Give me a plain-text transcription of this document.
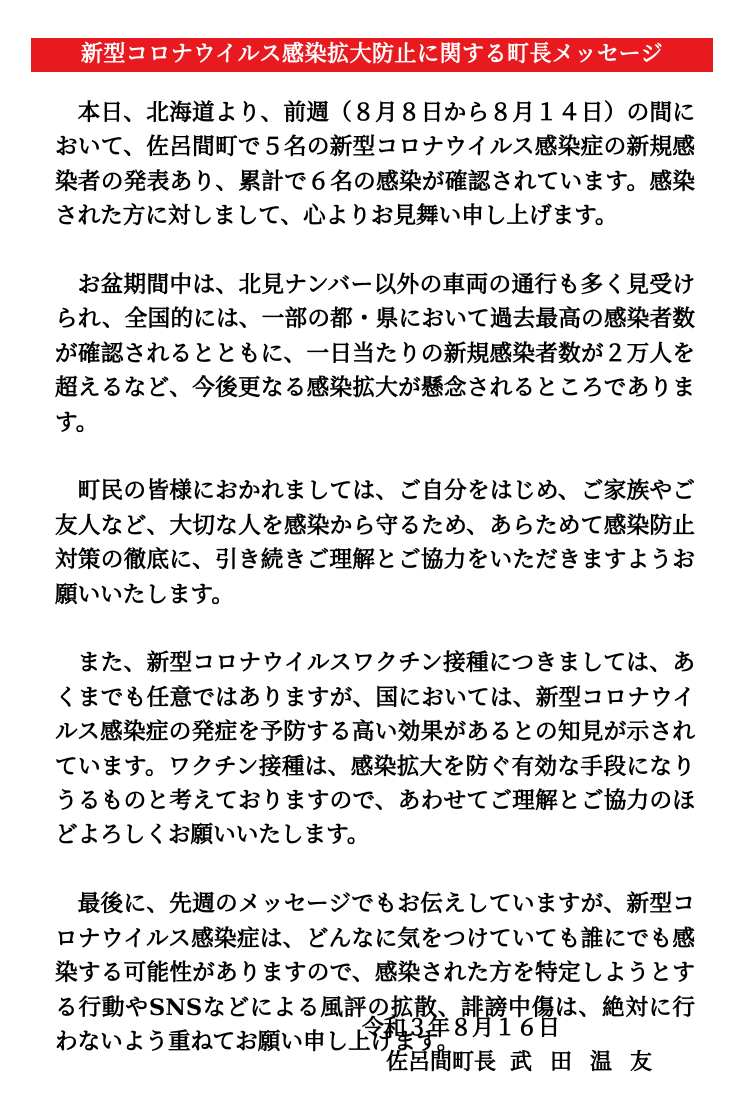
新型コロナウイルス感染拡大防止に関する町長メッセージ

本日、北海道より、前週（８月８日から８月１４日）の間において、佐呂間町で５名の新型コロナウイルス感染症の新規感染者の発表あり、累計で６名の感染が確認されています。感染された方に対しまして、心よりお見舞い申し上げます。

お盆期間中は、北見ナンバー以外の車両の通行も多く見受けられ、全国的には、一部の都・県において過去最高の感染者数が確認されるとともに、一日当たりの新規感染者数が２万人を超えるなど、今後更なる感染拡大が懸念されるところであります。

町民の皆様におかれましては、ご自分をはじめ、ご家族やご友人など、大切な人を感染から守るため、あらためて感染防止対策の徹底に、引き続きご理解とご協力をいただきますようお願いいたします。

また、新型コロナウイルスワクチン接種につきましては、あくまでも任意ではありますが、国においては、新型コロナウイルス感染症の発症を予防する高い効果があるとの知見が示されています。ワクチン接種は、感染拡大を防ぐ有効な手段になりうるものと考えておりますので、あわせてご理解とご協力のほどよろしくお願いいたします。

最後に、先週のメッセージでもお伝えしていますが、新型コロナウイルス感染症は、どんなに気をつけていても誰にでも感染する可能性がありますので、感染された方を特定しようとする行動やSNSなどによる風評の拡散、誹謗中傷は、絶対に行わないよう重ねてお願い申し上げます。

令和３年８月１６日
佐呂間町長 武田温友
